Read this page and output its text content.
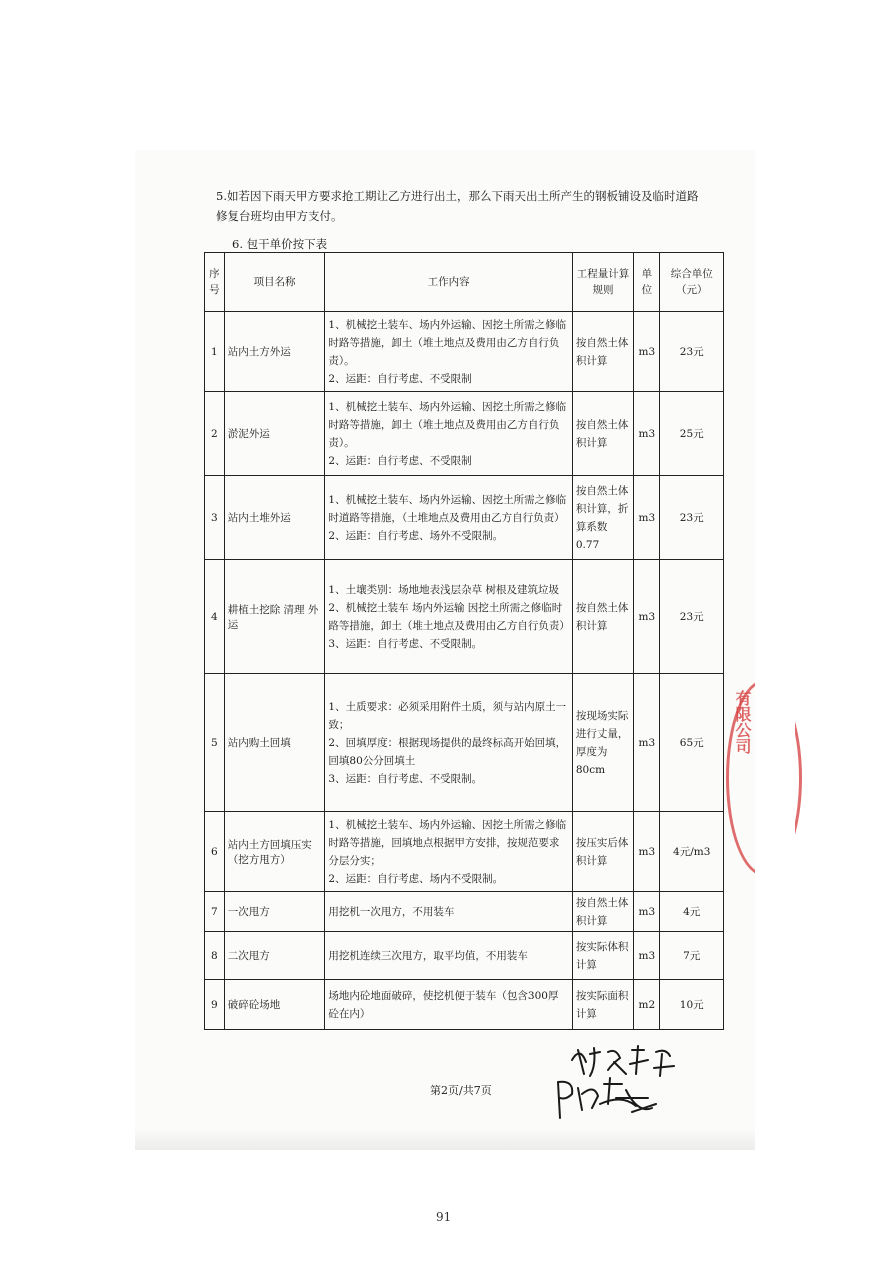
5.如若因下雨天甲方要求抢工期让乙方进行出土，那么下雨天出土所产生的钢板铺设及临时道路
修复台班均由甲方支付。
6. 包干单价按下表
序号	项目名称	工作内容	工程量计算规则	单位	综合单位（元）
1	站内土方外运	1、机械挖土装车、场内外运输、因挖土所需之修临时路等措施，卸土（堆土地点及费用由乙方自行负责）。
2、运距：自行考虑、不受限制	按自然土体积计算	m3	23元
2	淤泥外运	1、机械挖土装车、场内外运输、因挖土所需之修临时路等措施，卸土（堆土地点及费用由乙方自行负责）。
2、运距：自行考虑、不受限制	按自然土体积计算	m3	25元
3	站内土堆外运	1、机械挖土装车、场内外运输、因挖土所需之修临时道路等措施，（土堆地点及费用由乙方自行负责）
2、运距：自行考虑、场外不受限制。	按自然土体积计算，折算系数0.77	m3	23元
4	耕植土挖除 清理 外运	1、土壤类别：场地地表浅层杂草 树根及建筑垃圾
2、机械挖土装车 场内外运输 因挖土所需之修临时路等措施，卸土（堆土地点及费用由乙方自行负责）
3、运距：自行考虑、不受限制。	按自然土体积计算	m3	23元
5	站内购土回填	1、土质要求：必须采用附件土质，须与站内原土一致；
2、回填厚度：根据现场提供的最终标高开始回填，回填80公分回填土
3、运距：自行考虑、不受限制。	按现场实际进行丈量，厚度为80cm	m3	65元
6	站内土方回填压实（挖方甩方）	1、机械挖土装车、场内外运输、因挖土所需之修临时路等措施，回填地点根据甲方安排，按规范要求分层分实；
2、运距：自行考虑、场内不受限制。	按压实后体积计算	m3	4元/m3
7	一次甩方	用挖机一次甩方，不用装车	按自然土体积计算	m3	4元
8	二次甩方	用挖机连续三次甩方，取平均值，不用装车	按实际体积计算	m3	7元
9	破碎砼场地	场地内砼地面破碎，使挖机便于装车（包含300厚砼在内）	按实际面积计算	m2	10元
有限公司
第2页/共7页
91
